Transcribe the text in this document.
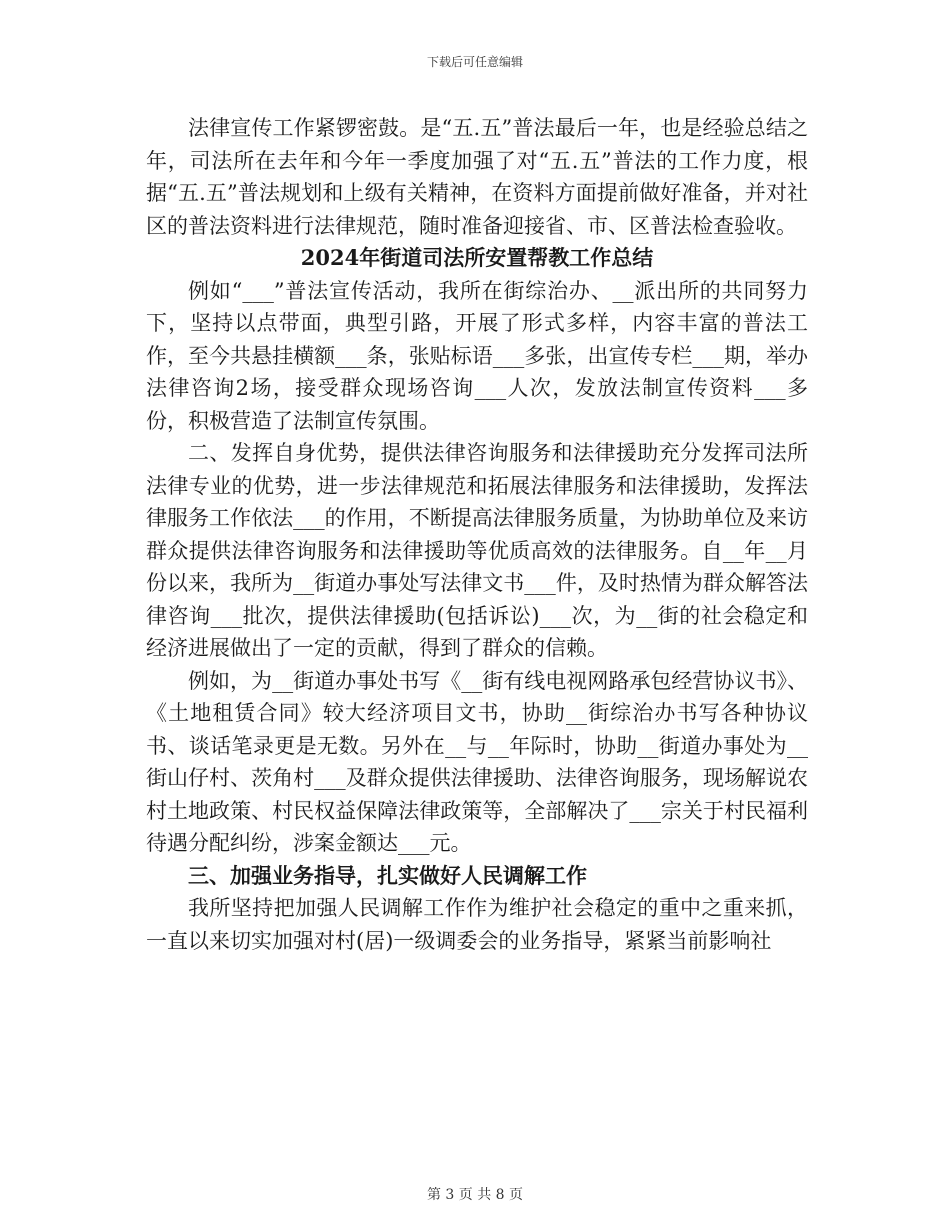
下载后可任意编辑

法律宣传工作紧锣密鼓。是“五.五”普法最后一年，也是经验总结之年，司法所在去年和今年一季度加强了对“五.五”普法的工作力度，根据“五.五”普法规划和上级有关精神，在资料方面提前做好准备，并对社区的普法资料进行法律规范，随时准备迎接省、市、区普法检查验收。

2024年街道司法所安置帮教工作总结

例如“___”普法宣传活动，我所在街综治办、__派出所的共同努力下，坚持以点带面，典型引路，开展了形式多样，内容丰富的普法工作，至今共悬挂横额___条，张贴标语___多张，出宣传专栏___期，举办法律咨询2场，接受群众现场咨询___人次，发放法制宣传资料___多份，积极营造了法制宣传氛围。

二、发挥自身优势，提供法律咨询服务和法律援助充分发挥司法所法律专业的优势，进一步法律规范和拓展法律服务和法律援助，发挥法律服务工作依法___的作用，不断提高法律服务质量，为协助单位及来访群众提供法律咨询服务和法律援助等优质高效的法律服务。自__年__月份以来，我所为__街道办事处写法律文书___件，及时热情为群众解答法律咨询___批次，提供法律援助(包括诉讼)___次，为__街的社会稳定和经济进展做出了一定的贡献，得到了群众的信赖。

例如，为__街道办事处书写《__街有线电视网路承包经营协议书》、《土地租赁合同》较大经济项目文书，协助__街综治办书写各种协议书、谈话笔录更是无数。另外在__与__年际时，协助__街道办事处为__街山仔村、茨角村___及群众提供法律援助、法律咨询服务，现场解说农村土地政策、村民权益保障法律政策等，全部解决了___宗关于村民福利待遇分配纠纷，涉案金额达___元。

三、加强业务指导，扎实做好人民调解工作

我所坚持把加强人民调解工作作为维护社会稳定的重中之重来抓，一直以来切实加强对村(居)一级调委会的业务指导，紧紧当前影响社

第 3 页 共 8 页
